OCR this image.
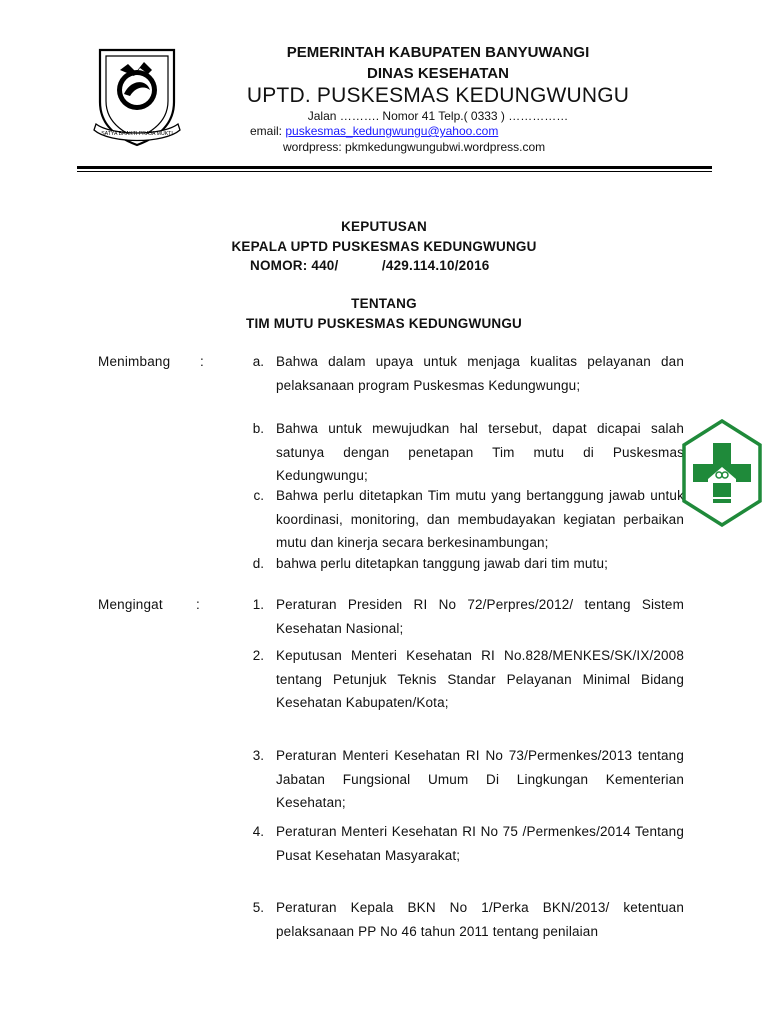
SATYA BHAKTI PRAJA MUKTI
PEMERINTAH KABUPATEN BANYUWANGI
DINAS KESEHATAN
UPTD. PUSKESMAS KEDUNGWUNGU
Jalan ………. Nomor 41 Telp.( 0333 ) ……………
email: puskesmas_kedungwungu@yahoo.com
wordpress: pkmkedungwungubwi.wordpress.com
KEPUTUSAN
KEPALA UPTD PUSKESMAS KEDUNGWUNGU
NOMOR: 440/           /429.114.10/2016
TENTANG
TIM MUTU PUSKESMAS KEDUNGWUNGU
Menimbang :	a. Bahwa dalam upaya untuk menjaga kualitas pelayanan dan pelaksanaan program Puskesmas Kedungwungu;
b. Bahwa untuk mewujudkan hal tersebut, dapat dicapai salah satunya dengan penetapan Tim mutu di Puskesmas Kedungwungu;
c. Bahwa perlu ditetapkan Tim mutu yang bertanggung jawab untuk koordinasi, monitoring, dan membudayakan kegiatan perbaikan mutu dan kinerja secara berkesinambungan;
d. bahwa perlu ditetapkan tanggung jawab dari tim mutu;
Mengingat :	1. Peraturan Presiden RI No 72/Perpres/2012/ tentang Sistem Kesehatan Nasional;
2. Keputusan Menteri Kesehatan RI No.828/MENKES/SK/IX/2008 tentang Petunjuk Teknis Standar Pelayanan Minimal Bidang Kesehatan Kabupaten/Kota;
3. Peraturan Menteri Kesehatan RI No 73/Permenkes/2013 tentang Jabatan Fungsional Umum Di Lingkungan Kementerian Kesehatan;
4. Peraturan Menteri Kesehatan RI No 75 /Permenkes/2014 Tentang Pusat Kesehatan Masyarakat;
5. Peraturan Kepala BKN No 1/Perka BKN/2013/ ketentuan pelaksanaan PP No 46 tahun 2011 tentang penilaian
